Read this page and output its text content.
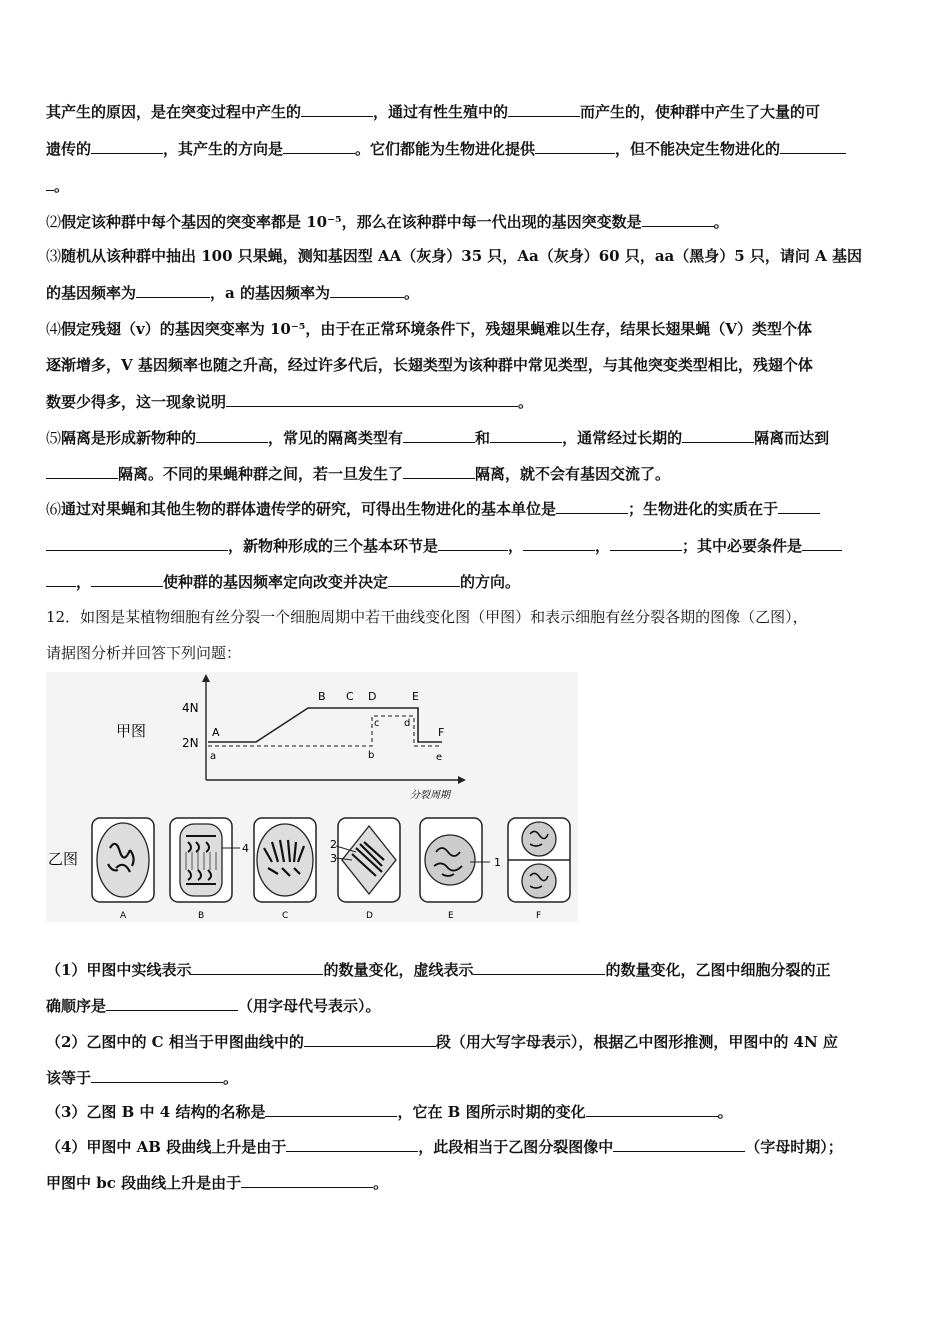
其产生的原因，是在突变过程中产生的	，通过有性生殖中的	而产生的，使种群中产生了大量的可
遗传的	，其产生的方向是	。它们都能为生物进化提供	，但不能决定生物进化的
。
⑵假定该种群中每个基因的突变率都是 10⁻⁵，那么在该种群中每一代出现的基因突变数是	。
⑶随机从该种群中抽出 100 只果蝇，测知基因型 AA（灰身）35 只，Aa（灰身）60 只，aa（黑身）5 只，请问 A 基因
的基因频率为	，a 的基因频率为	。
⑷假定残翅（v）的基因突变率为 10⁻⁵，由于在正常环境条件下，残翅果蝇难以生存，结果长翅果蝇（V）类型个体
逐渐增多，V 基因频率也随之升高，经过许多代后，长翅类型为该种群中常见类型，与其他突变类型相比，残翅个体
数要少得多，这一现象说明	。
⑸隔离是形成新物种的	，常见的隔离类型有	和	，通常经过长期的	隔离而达到
隔离。不同的果蝇种群之间，若一旦发生了	隔离，就不会有基因交流了。
⑹通过对果蝇和其他生物的群体遗传学的研究，可得出生物进化的基本单位是	；生物进化的实质在于
，新物种形成的三个基本环节是	，	，	；其中必要条件是
，	使种群的基因频率定向改变并决定	的方向。
12．如图是某植物细胞有丝分裂一个细胞周期中若干曲线变化图（甲图）和表示细胞有丝分裂各期的图像（乙图），
请据图分析并回答下列问题：
甲图
4N
2N
分裂周期
A
B C D	E
F
a	b
c d
e
乙图
A
4
B	C
2
3
D
1
E	F
（1）甲图中实线表示	的数量变化，虚线表示	的数量变化，乙图中细胞分裂的正
确顺序是	（用字母代号表示）。
（2）乙图中的 C 相当于甲图曲线中的	段（用大写字母表示），根据乙中图形推测，甲图中的 4N 应
该等于	。
（3）乙图 B 中 4 结构的名称是	，它在 B 图所示时期的变化	。
（4）甲图中 AB 段曲线上升是由于	，此段相当于乙图分裂图像中	（字母时期）；
甲图中 bc 段曲线上升是由于	。
